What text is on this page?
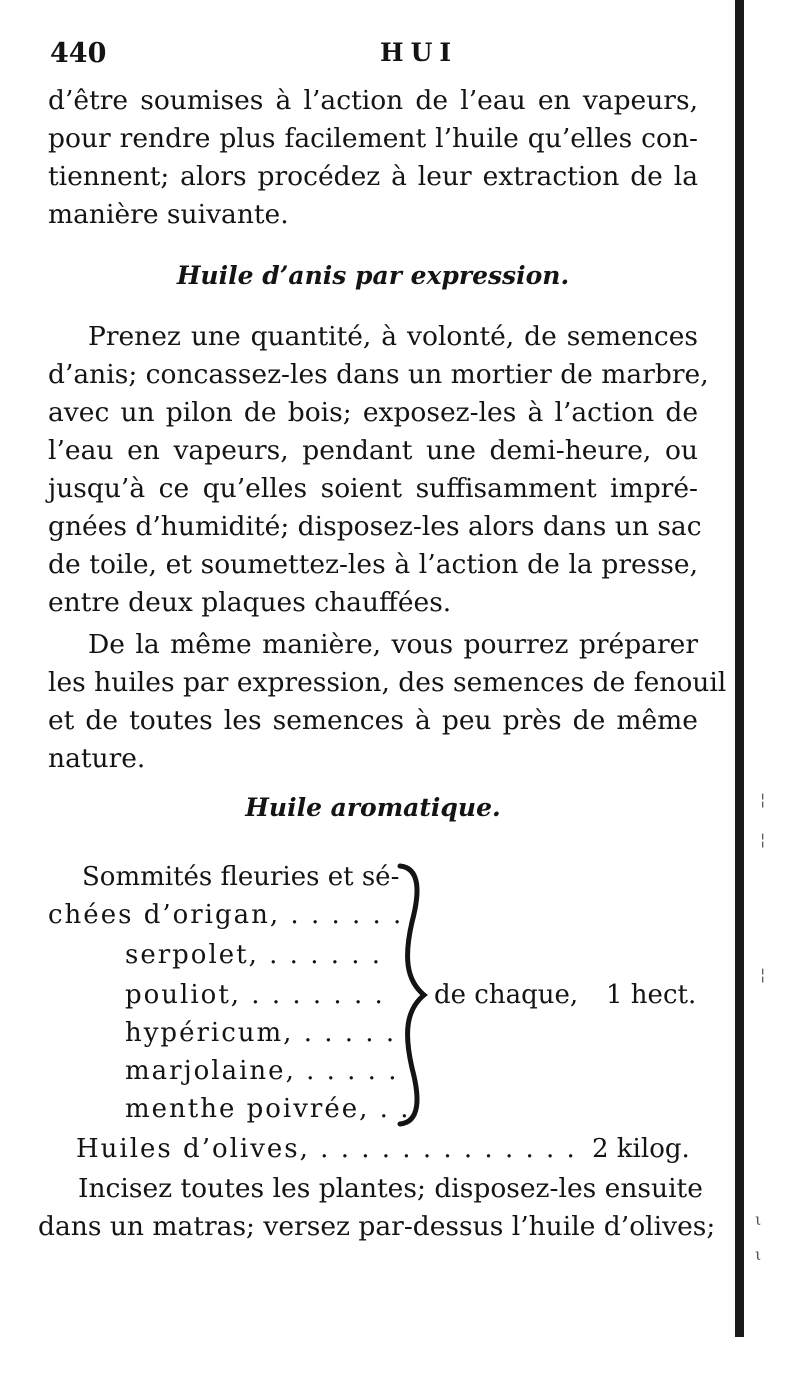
¦
¦
¦
ι
ι
440	HUI

d’être soumises à l’action de l’eau en vapeurs,

pour rendre plus facilement l’huile qu’elles con-

tiennent; alors procédez à leur extraction de la

manière suivante.

Huile d’anis par expression.

Prenez une quantité, à volonté, de semences

d’anis; concassez-les dans un mortier de marbre,

avec un pilon de bois; exposez-les à l’action de

l’eau en vapeurs, pendant une demi-heure, ou

jusqu’à ce qu’elles soient suffisamment impré-

gnées d’humidité; disposez-les alors dans un sac

de toile, et soumettez-les à l’action de la presse,

entre deux plaques chauffées.

De la même manière, vous pourrez préparer

les huiles par expression, des semences de fenouil

et de toutes les semences à peu près de même

nature.

Huile aromatique.

Sommités fleuries et sé-

chées d’origan, . . . . . .

serpolet, . . . . . .

pouliot, . . . . . . .

hypéricum, . . . . .

marjolaine, . . . . .

menthe poivrée, . .

de chaque, 1 hect.

Huiles d’olives, . . . . . . . . . . . . . 2 kilog.

Incisez toutes les plantes; disposez-les ensuite

dans un matras; versez par-dessus l’huile d’olives;
